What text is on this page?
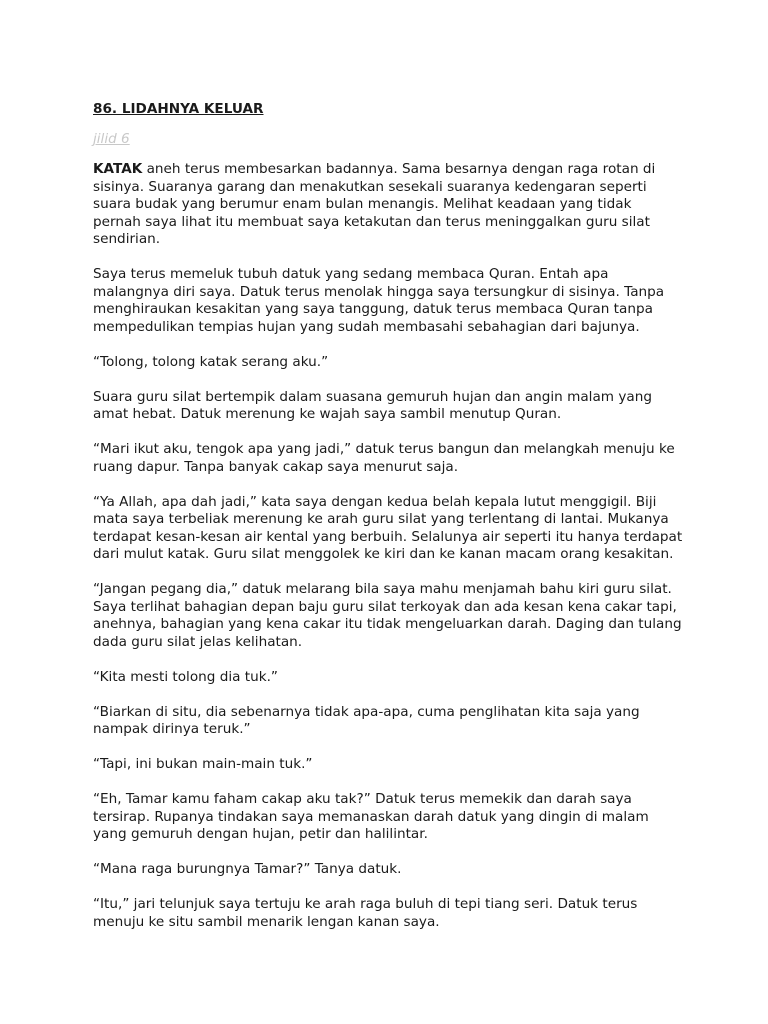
86. LIDAHNYA KELUAR
jilid 6

KATAK aneh terus membesarkan badannya. Sama besarnya dengan raga rotan di sisinya. Suaranya garang dan menakutkan sesekali suaranya kedengaran seperti suara budak yang berumur enam bulan menangis. Melihat keadaan yang tidak pernah saya lihat itu membuat saya ketakutan dan terus meninggalkan guru silat sendirian.

Saya terus memeluk tubuh datuk yang sedang membaca Quran. Entah apa malangnya diri saya. Datuk terus menolak hingga saya tersungkur di sisinya. Tanpa menghiraukan kesakitan yang saya tanggung, datuk terus membaca Quran tanpa mempedulikan tempias hujan yang sudah membasahi sebahagian dari bajunya.

“Tolong, tolong katak serang aku.”

Suara guru silat bertempik dalam suasana gemuruh hujan dan angin malam yang amat hebat. Datuk merenung ke wajah saya sambil menutup Quran.

“Mari ikut aku, tengok apa yang jadi,” datuk terus bangun dan melangkah menuju ke ruang dapur. Tanpa banyak cakap saya menurut saja.

“Ya Allah, apa dah jadi,” kata saya dengan kedua belah kepala lutut menggigil. Biji mata saya terbeliak merenung ke arah guru silat yang terlentang di lantai. Mukanya terdapat kesan-kesan air kental yang berbuih. Selalunya air seperti itu hanya terdapat dari mulut katak. Guru silat menggolek ke kiri dan ke kanan macam orang kesakitan.

“Jangan pegang dia,” datuk melarang bila saya mahu menjamah bahu kiri guru silat. Saya terlihat bahagian depan baju guru silat terkoyak dan ada kesan kena cakar tapi, anehnya, bahagian yang kena cakar itu tidak mengeluarkan darah. Daging dan tulang dada guru silat jelas kelihatan.

“Kita mesti tolong dia tuk.”

“Biarkan di situ, dia sebenarnya tidak apa-apa, cuma penglihatan kita saja yang nampak dirinya teruk.”

“Tapi, ini bukan main-main tuk.”

“Eh, Tamar kamu faham cakap aku tak?” Datuk terus memekik dan darah saya tersirap. Rupanya tindakan saya memanaskan darah datuk yang dingin di malam yang gemuruh dengan hujan, petir dan halilintar.

“Mana raga burungnya Tamar?” Tanya datuk.

“Itu,” jari telunjuk saya tertuju ke arah raga buluh di tepi tiang seri. Datuk terus menuju ke situ sambil menarik lengan kanan saya.
